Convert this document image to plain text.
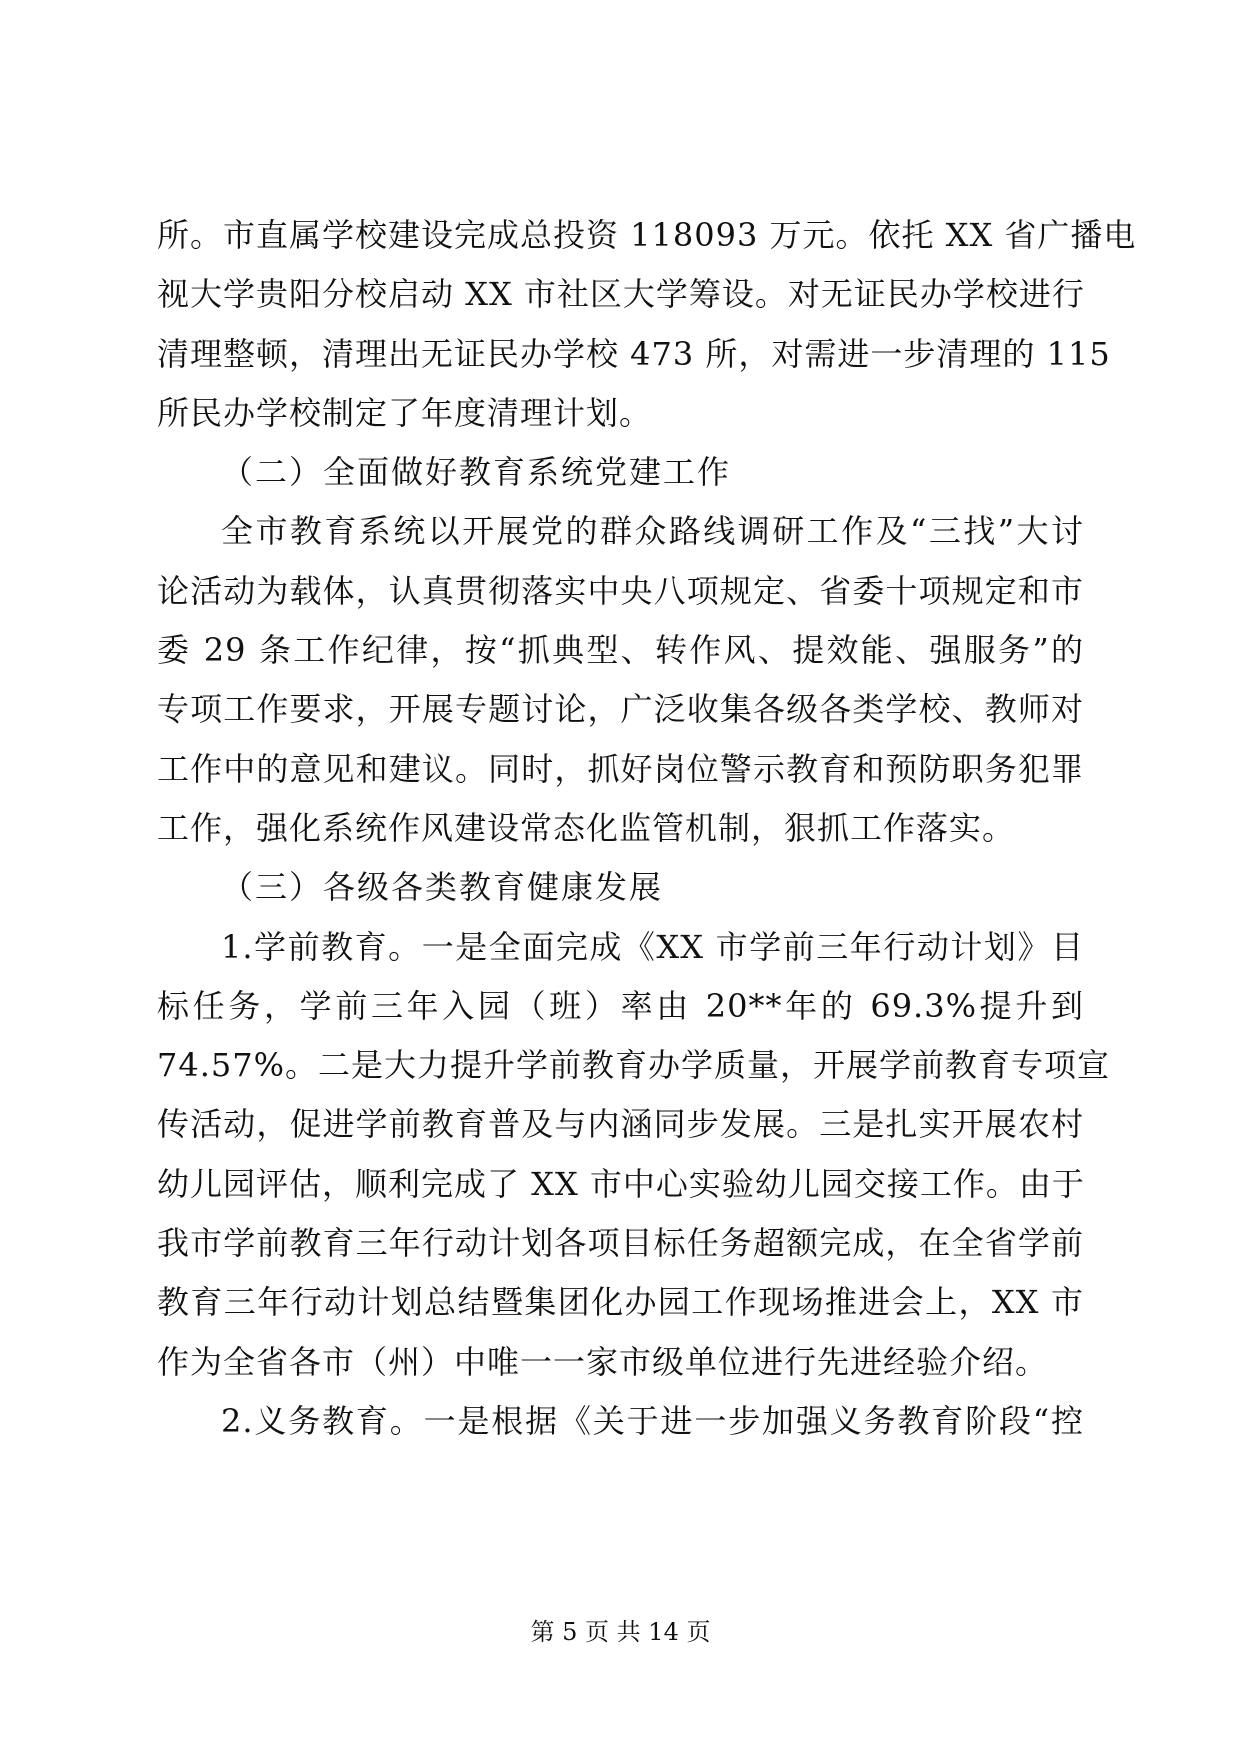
所。市直属学校建设完成总投资 118093 万元。依托 XX 省广播电
视大学贵阳分校启动 XX 市社区大学筹设。对无证民办学校进行
清理整顿，清理出无证民办学校 473 所，对需进一步清理的 115
所民办学校制定了年度清理计划。
（二）全面做好教育系统党建工作
全市教育系统以开展党的群众路线调研工作及“三找”大讨
论活动为载体，认真贯彻落实中央八项规定、省委十项规定和市
委 29 条工作纪律，按“抓典型、转作风、提效能、强服务”的
专项工作要求，开展专题讨论，广泛收集各级各类学校、教师对
工作中的意见和建议。同时，抓好岗位警示教育和预防职务犯罪
工作，强化系统作风建设常态化监管机制，狠抓工作落实。
（三）各级各类教育健康发展
1.学前教育。一是全面完成《XX 市学前三年行动计划》目
标任务，学前三年入园（班）率由 20**年的 69.3%提升到
74.57%。二是大力提升学前教育办学质量，开展学前教育专项宣
传活动，促进学前教育普及与内涵同步发展。三是扎实开展农村
幼儿园评估，顺利完成了 XX 市中心实验幼儿园交接工作。由于
我市学前教育三年行动计划各项目标任务超额完成，在全省学前
教育三年行动计划总结暨集团化办园工作现场推进会上，XX 市
作为全省各市（州）中唯一一家市级单位进行先进经验介绍。
2.义务教育。一是根据《关于进一步加强义务教育阶段“控
第 5 页 共 14 页
